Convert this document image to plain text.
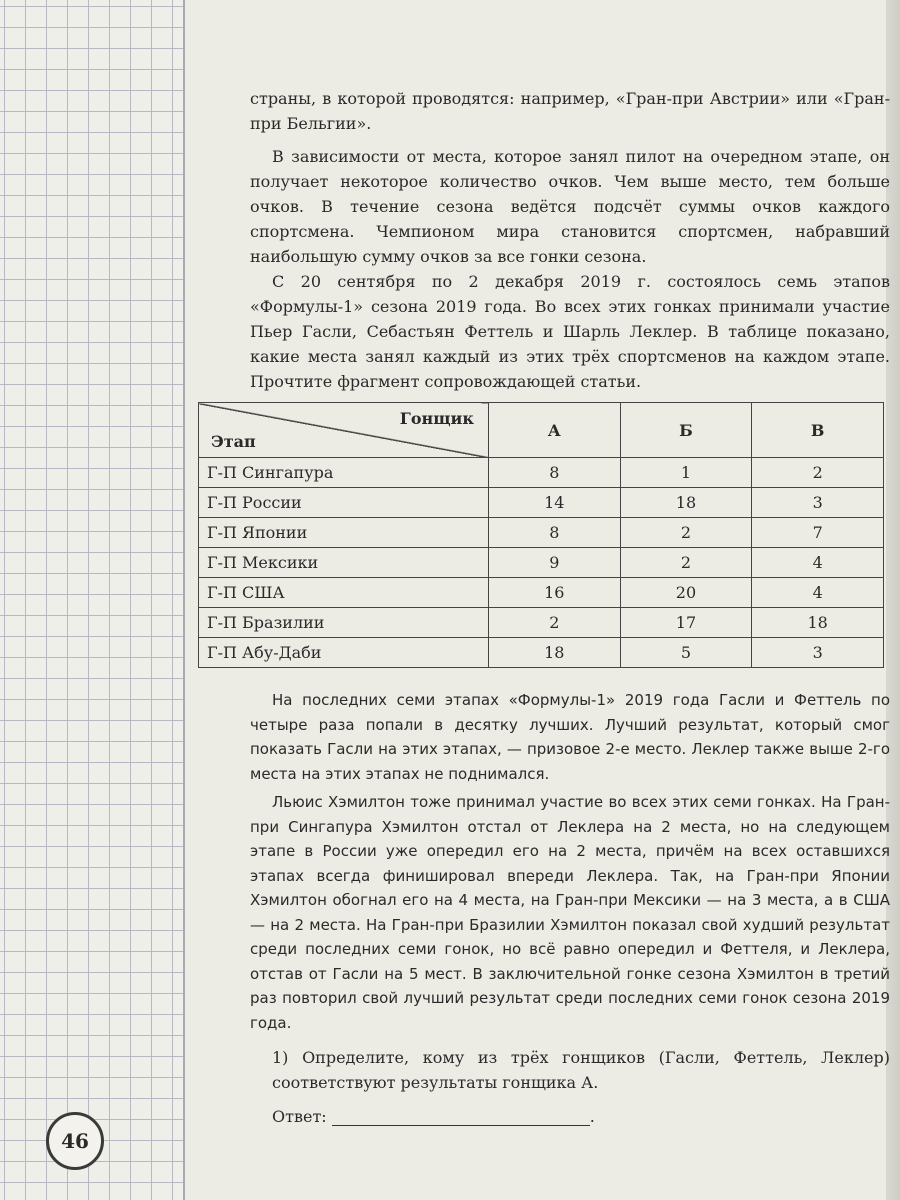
46

страны, в которой проводятся: например, «Гран-при Австрии» или «Гран-при Бельгии».

В зависимости от места, которое занял пилот на очередном этапе, он получает некоторое количество очков. Чем выше место, тем больше очков. В течение сезона ведётся подсчёт суммы очков каждого спортсмена. Чемпионом мира становится спортсмен, набравший наибольшую сумму очков за все гонки сезона.

С 20 сентября по 2 декабря 2019 г. состоялось семь этапов «Формулы-1» сезона 2019 года. Во всех этих гонках принимали участие Пьер Гасли, Себастьян Феттель и Шарль Леклер. В таблице показано, какие места занял каждый из этих трёх спортсменов на каждом этапе. Прочтите фрагмент сопровождающей статьи.

Гонщик
Этап	А	Б	В
Г-П Сингапура	8	1	2
Г-П России	14	18	3
Г-П Японии	8	2	7
Г-П Мексики	9	2	4
Г-П США	16	20	4
Г-П Бразилии	2	17	18
Г-П Абу-Даби	18	5	3

На последних семи этапах «Формулы-1» 2019 года Гасли и Феттель по четыре раза попали в десятку лучших. Лучший результат, который смог показать Гасли на этих этапах, — призовое 2-е место. Леклер также выше 2-го места на этих этапах не поднимался.

Льюис Хэмилтон тоже принимал участие во всех этих семи гонках. На Гран-при Сингапура Хэмилтон отстал от Леклера на 2 места, но на следующем этапе в России уже опередил его на 2 места, причём на всех оставшихся этапах всегда финишировал впереди Леклера. Так, на Гран-при Японии Хэмилтон обогнал его на 4 места, на Гран-при Мексики — на 3 места, а в США — на 2 места. На Гран-при Бразилии Хэмилтон показал свой худший результат среди последних семи гонок, но всё равно опередил и Феттеля, и Леклера, отстав от Гасли на 5 мест. В заключительной гонке сезона Хэмилтон в третий раз повторил свой лучший результат среди последних семи гонок сезона 2019 года.

1) Определите, кому из трёх гонщиков (Гасли, Феттель, Леклер) соответствуют результаты гонщика А.
Ответ:	.
